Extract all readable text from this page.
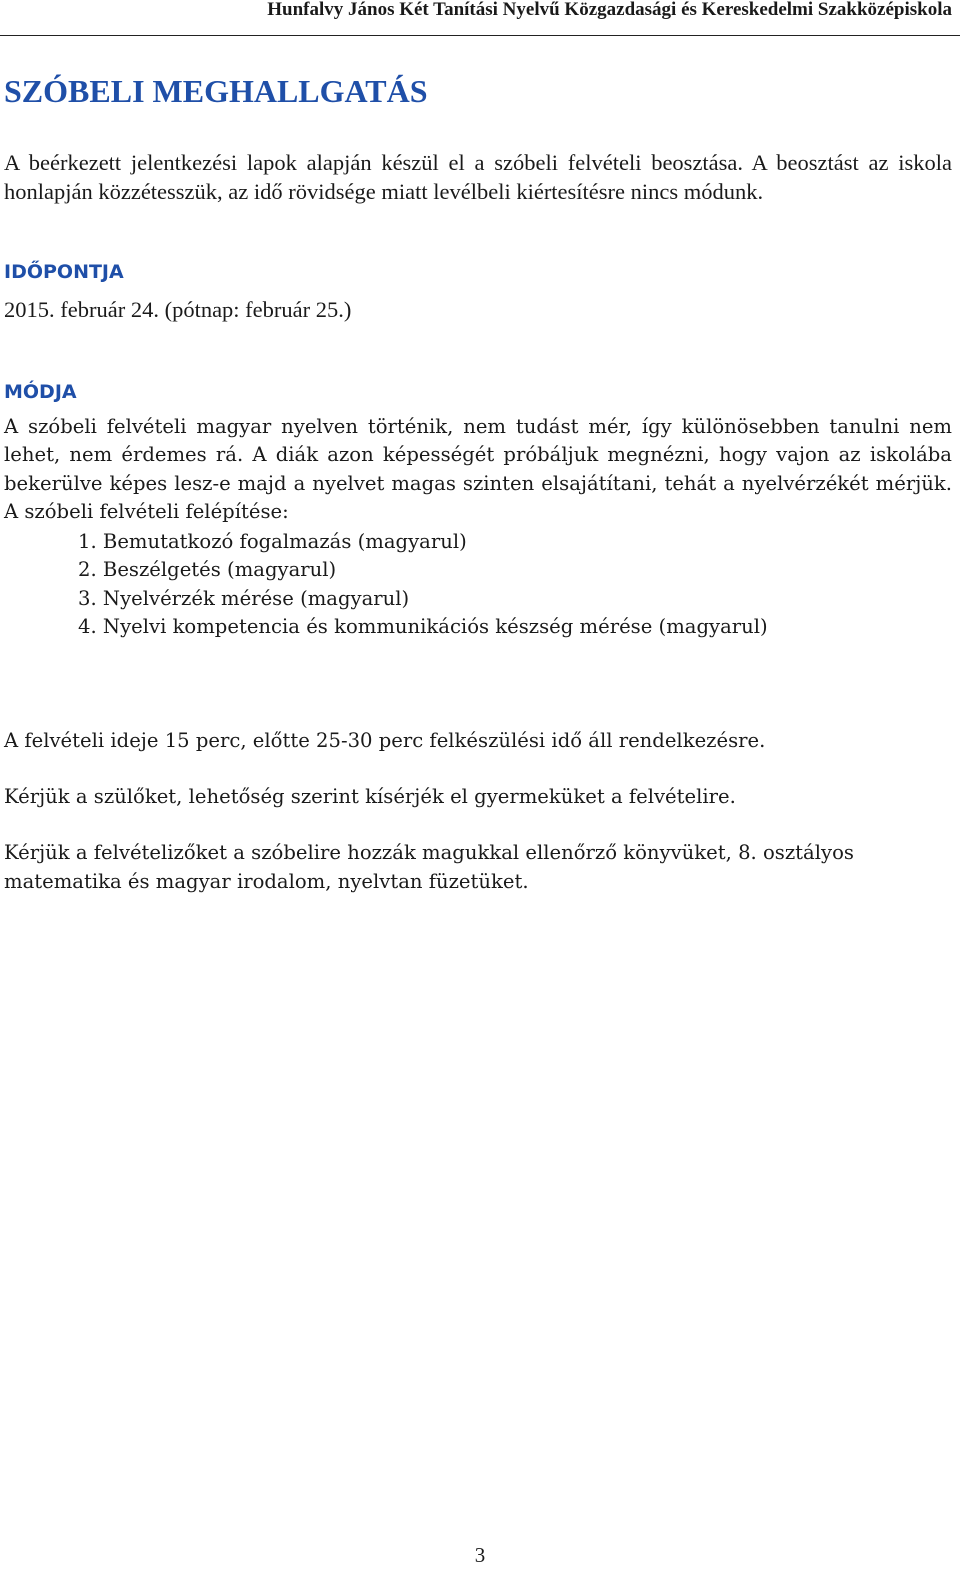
Hunfalvy János Két Tanítási Nyelvű Közgazdasági és Kereskedelmi Szakközépiskola
SZÓBELI MEGHALLGATÁS

A beérkezett jelentkezési lapok alapján készül el a szóbeli felvételi beosztása. A beosztást az iskola honlapján közzétesszük, az idő rövidsége miatt levélbeli kiértesítésre nincs módunk.

IDŐPONTJA
2015. február 24. (pótnap: február 25.)
MÓDJA

A szóbeli felvételi magyar nyelven történik, nem tudást mér, így különösebben tanulni nem lehet, nem érdemes rá. A diák azon képességét próbáljuk megnézni, hogy vajon az iskolába bekerülve képes lesz-e majd a nyelvet magas szinten elsajátítani, tehát a nyelvérzékét mérjük. A szóbeli felvételi felépítése:

1. Bemutatkozó fogalmazás (magyarul)
2. Beszélgetés (magyarul)
3. Nyelvérzék mérése (magyarul)
4. Nyelvi kompetencia és kommunikációs készség mérése (magyarul)

A felvételi ideje 15 perc, előtte 25-30 perc felkészülési idő áll rendelkezésre.

Kérjük a szülőket, lehetőség szerint kísérjék el gyermeküket a felvételire.

Kérjük a felvételizőket a szóbelire hozzák magukkal ellenőrző könyvüket, 8. osztályos matematika és magyar irodalom, nyelvtan füzetüket.

3
